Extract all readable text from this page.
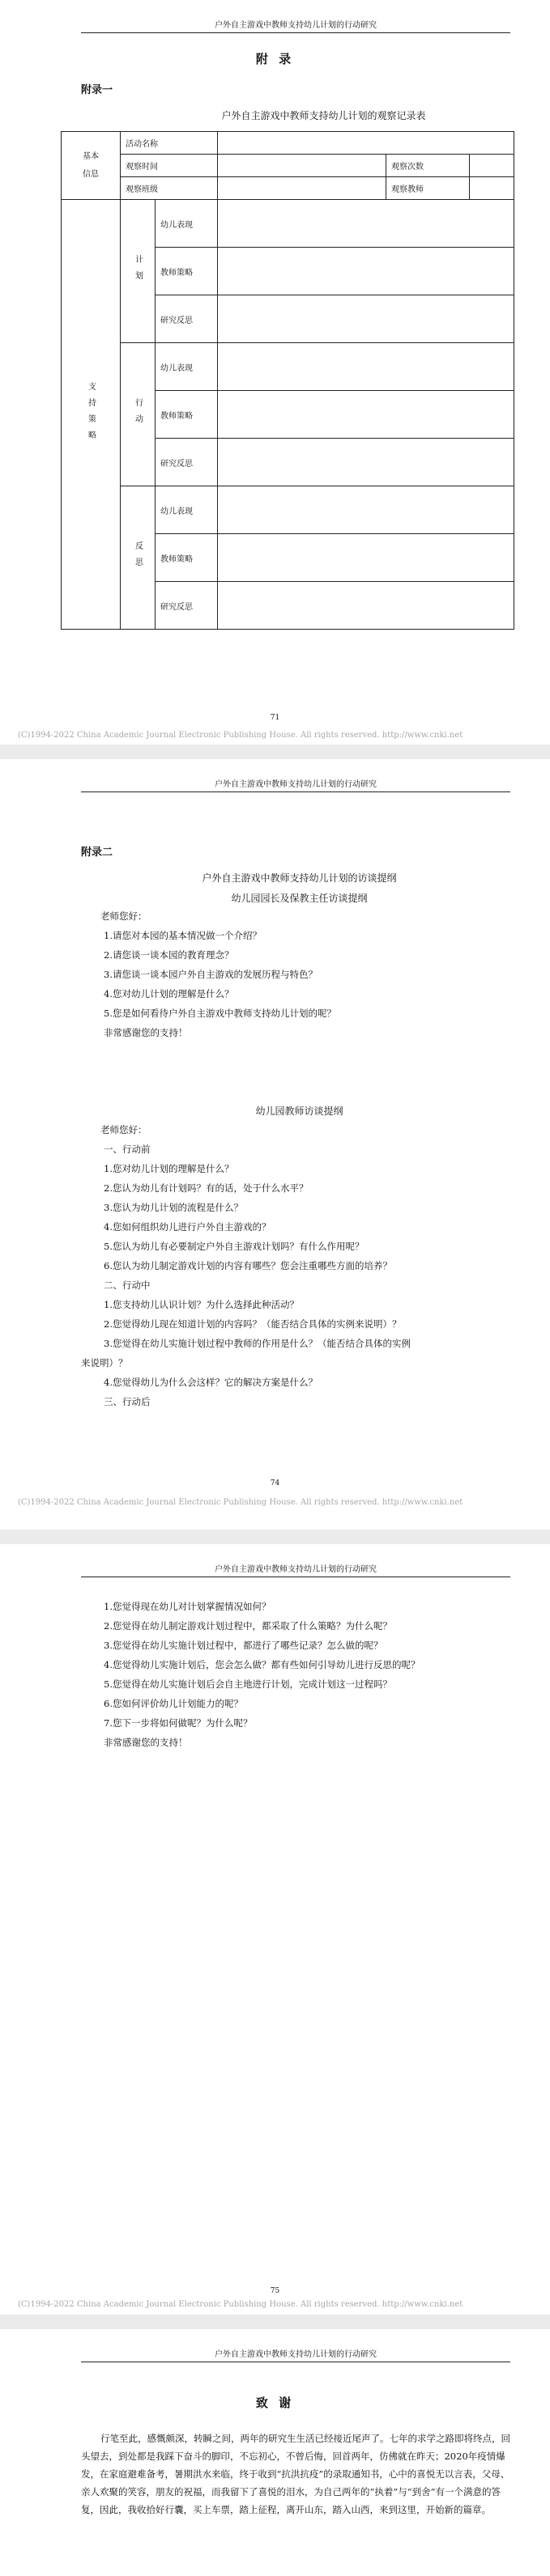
户外自主游戏中教师支持幼儿计划的行动研究
附 录
附录一
户外自主游戏中教师支持幼儿计划的观察记录表
基本信息	活动名称				
	观察时间			观察次数	
	观察班级			观察教师	

支持策略	计划	幼儿表现			
		教师策略			
		研究反思			

	行动	幼儿表现			
		教师策略			
		研究反思			

	反思	幼儿表现			
		教师策略			
		研究反思			
71
(C)1994-2022 China Academic Journal Electronic Publishing House. All rights reserved. http://www.cnki.net
户外自主游戏中教师支持幼儿计划的行动研究
附录二
户外自主游戏中教师支持幼儿计划的访谈提纲
幼儿园园长及保教主任访谈提纲
老师您好：
1.请您对本园的基本情况做一个介绍？
2.请您谈一谈本园的教育理念？
3.请您谈一谈本园户外自主游戏的发展历程与特色？
4.您对幼儿计划的理解是什么？
5.您是如何看待户外自主游戏中教师支持幼儿计划的呢？
非常感谢您的支持！
幼儿园教师访谈提纲
老师您好：
一、行动前
1.您对幼儿计划的理解是什么？
2.您认为幼儿有计划吗？有的话，处于什么水平？
3.您认为幼儿计划的流程是什么？
4.您如何组织幼儿进行户外自主游戏的？
5.您认为幼儿有必要制定户外自主游戏计划吗？有什么作用呢？
6.您认为幼儿制定游戏计划的内容有哪些？您会注重哪些方面的培养？
二、行动中
1.您支持幼儿认识计划？为什么选择此种活动？
2.您觉得幼儿现在知道计划的内容吗？（能否结合具体的实例来说明）？
3.您觉得在幼儿实施计划过程中教师的作用是什么？（能否结合具体的实例
来说明）？
4.您觉得幼儿为什么会这样？它的解决方案是什么？
三、行动后
74
(C)1994-2022 China Academic Journal Electronic Publishing House. All rights reserved. http://www.cnki.net
户外自主游戏中教师支持幼儿计划的行动研究
1.您觉得现在幼儿对计划掌握情况如何？
2.您觉得在幼儿制定游戏计划过程中，都采取了什么策略？为什么呢？
3.您觉得在幼儿实施计划过程中，都进行了哪些记录？怎么做的呢？
4.您觉得幼儿实施计划后，您会怎么做？都有些如何引导幼儿进行反思的呢？
5.您觉得在幼儿实施计划后会自主地进行计划，完成计划这一过程吗？
6.您如何评价幼儿计划能力的呢？
7.您下一步将如何做呢？为什么呢？
非常感谢您的支持！
75
(C)1994-2022 China Academic Journal Electronic Publishing House. All rights reserved. http://www.cnki.net
户外自主游戏中教师支持幼儿计划的行动研究
致 谢
行笔至此，感慨颇深，转瞬之间，两年的研究生生活已经接近尾声了。七年的求学之路即将终点，回头望去，到处都是我踩下奋斗的脚印，不忘初心，不曾后悔，回首两年，仿佛就在昨天；2020年疫情爆发，在家庭避难备考，暑期洪水来临，终于收到“抗洪抗疫”的录取通知书，心中的喜悦无以言表，父母、亲人欢聚的笑容，朋友的祝福，而我留下了喜悦的泪水，为自己两年的“执着”与“到舍”有一个满意的答复，因此，我收拾好行囊，买上车票，踏上征程，离开山东，踏入山西，来到这里，开始新的篇章。
